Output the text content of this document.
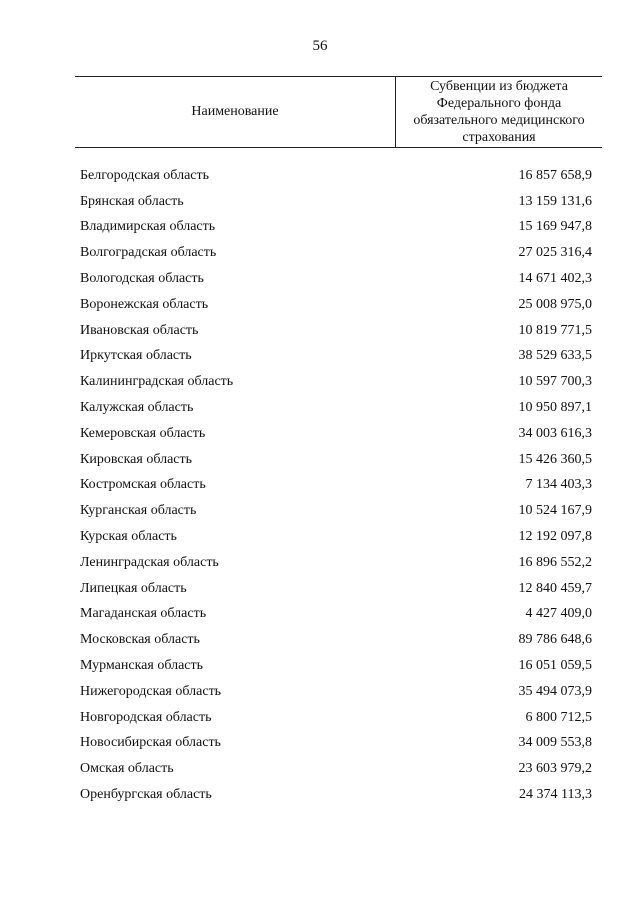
56
Наименование
Субвенции из бюджета Федерального фонда обязательного медицинского страхования
Белгородская область	16 857 658,9
Брянская область	13 159 131,6
Владимирская область	15 169 947,8
Волгоградская область	27 025 316,4
Вологодская область	14 671 402,3
Воронежская область	25 008 975,0
Ивановская область	10 819 771,5
Иркутская область	38 529 633,5
Калининградская область	10 597 700,3
Калужская область	10 950 897,1
Кемеровская область	34 003 616,3
Кировская область	15 426 360,5
Костромская область	7 134 403,3
Курганская область	10 524 167,9
Курская область	12 192 097,8
Ленинградская область	16 896 552,2
Липецкая область	12 840 459,7
Магаданская область	4 427 409,0
Московская область	89 786 648,6
Мурманская область	16 051 059,5
Нижегородская область	35 494 073,9
Новгородская область	6 800 712,5
Новосибирская область	34 009 553,8
Омская область	23 603 979,2
Оренбургская область	24 374 113,3
